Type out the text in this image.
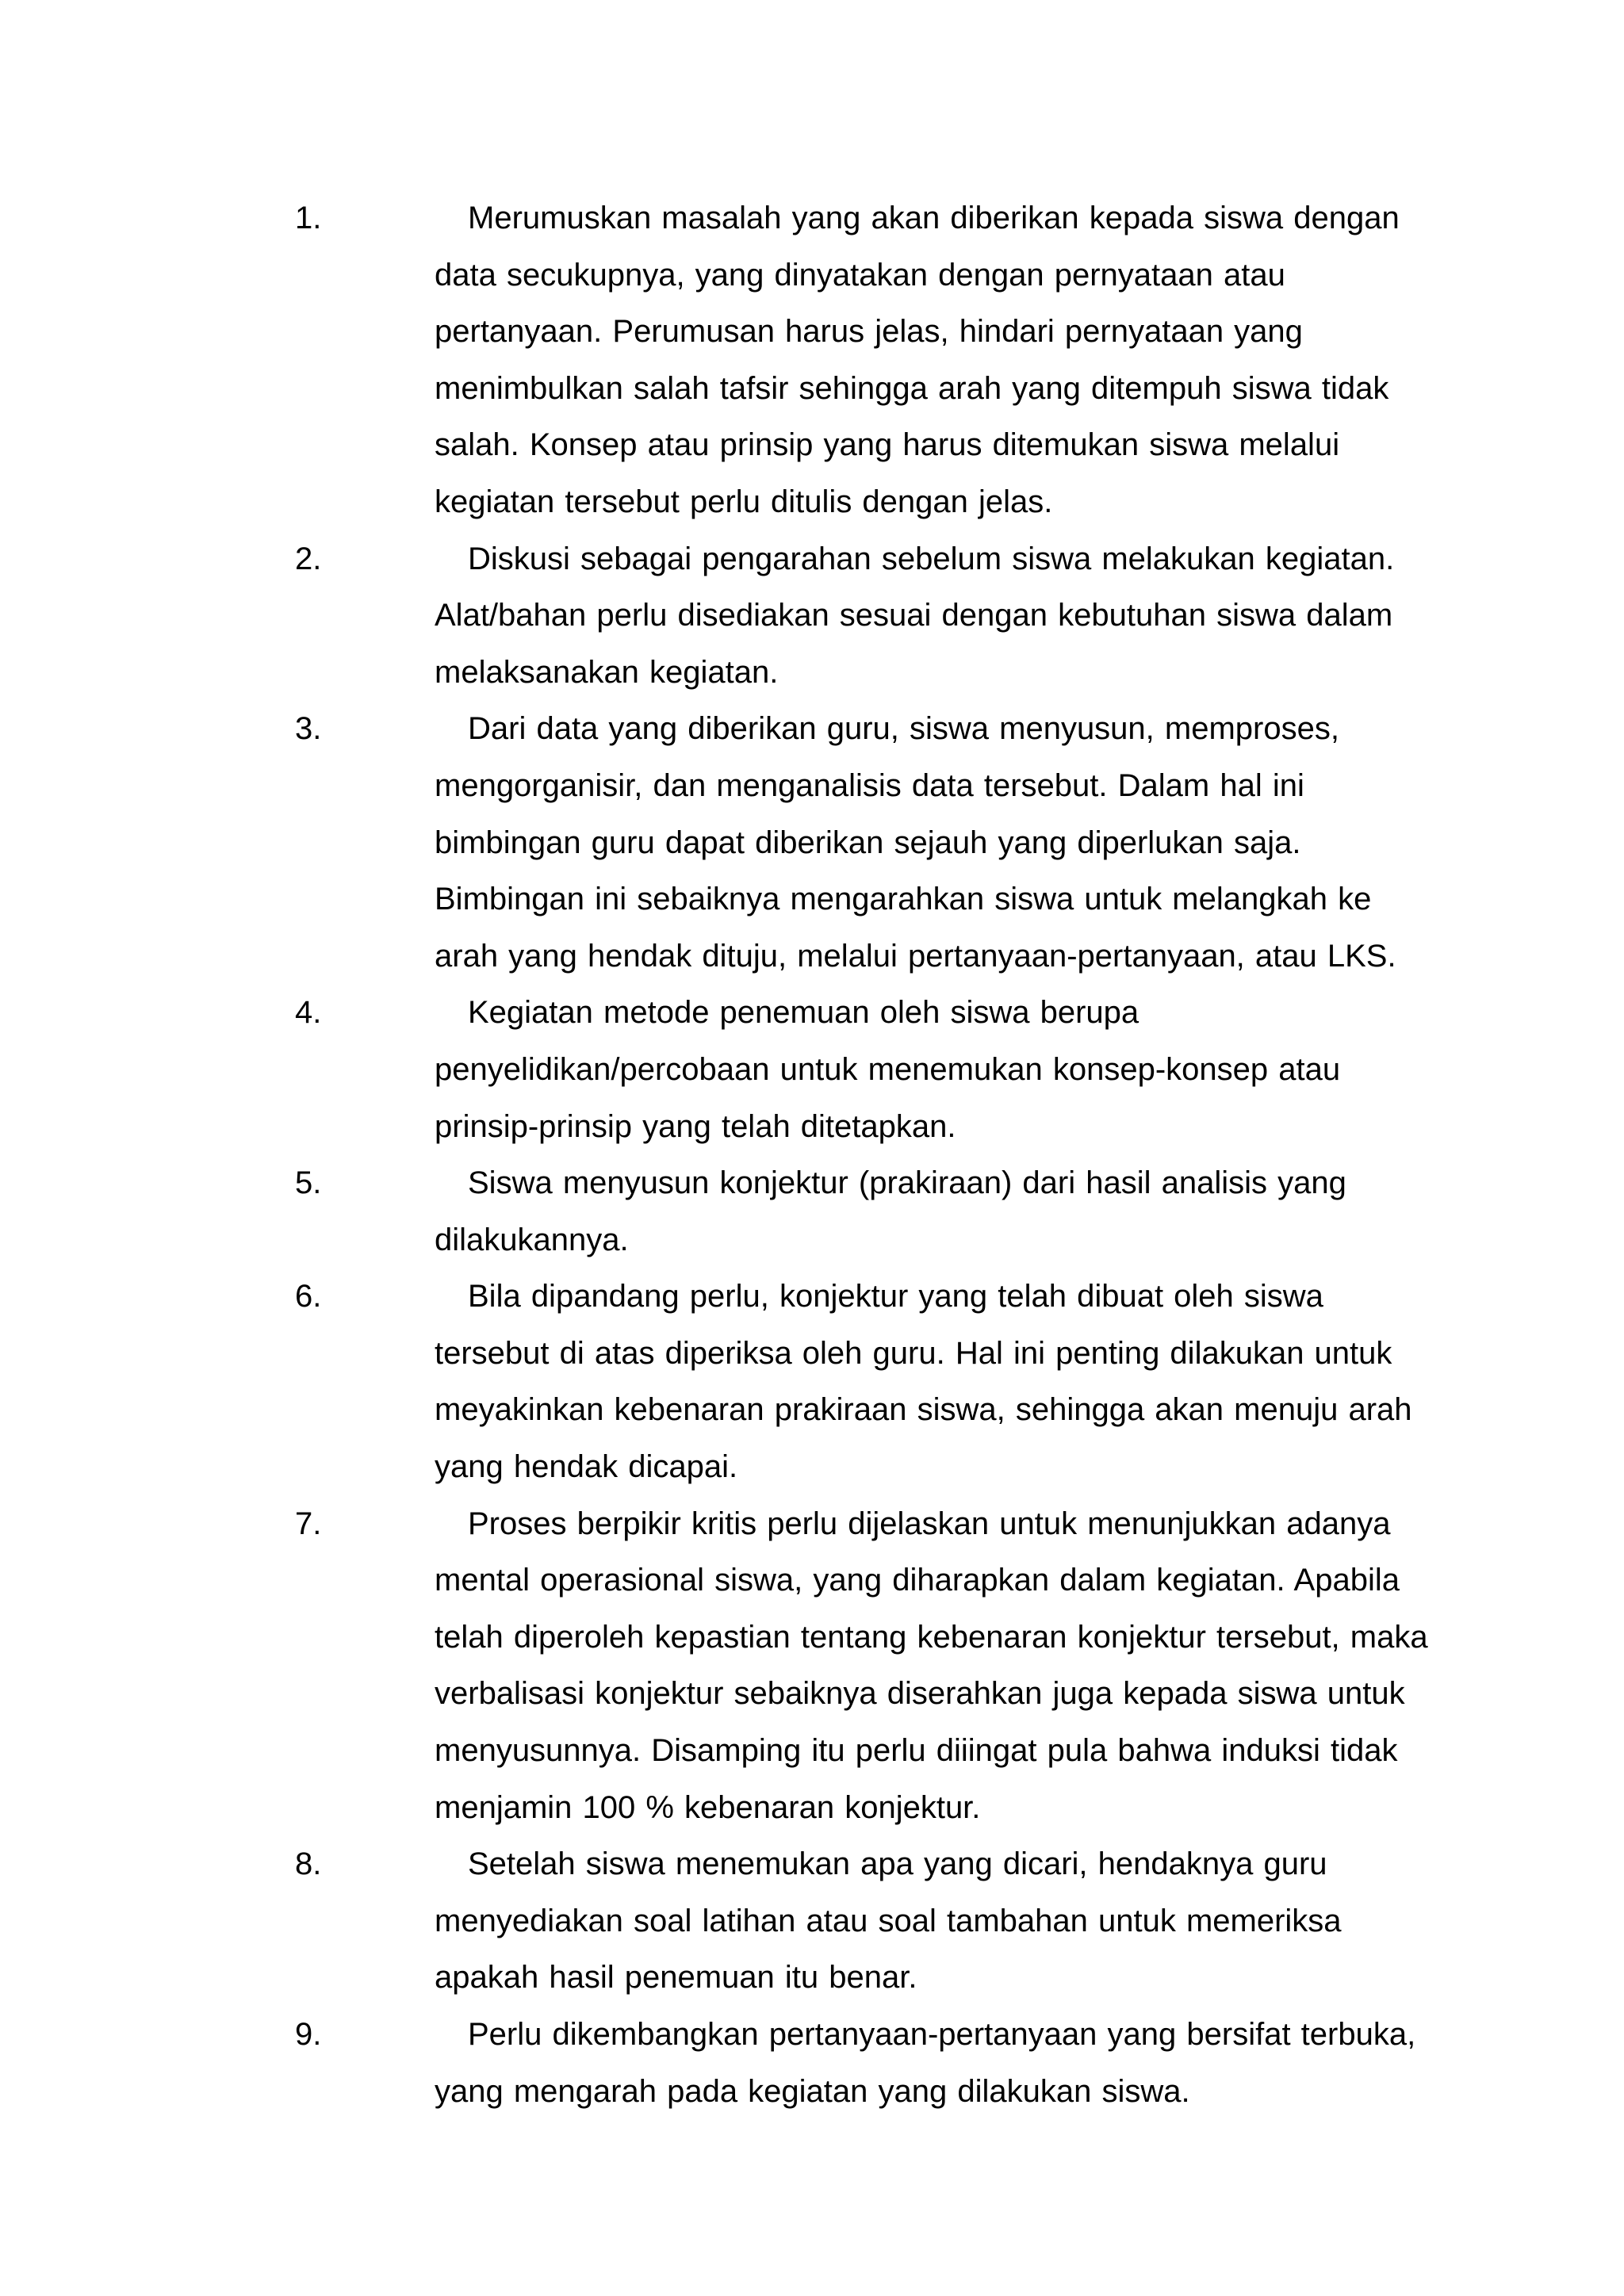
1.	Merumuskan masalah yang akan diberikan kepada siswa dengan data secukupnya, yang dinyatakan dengan pernyataan atau pertanyaan. Perumusan harus jelas, hindari pernyataan yang menimbulkan salah tafsir sehingga arah yang ditempuh siswa tidak salah. Konsep atau prinsip yang harus ditemukan siswa melalui kegiatan tersebut perlu ditulis dengan jelas.
2.	Diskusi sebagai pengarahan sebelum siswa melakukan kegiatan. Alat/bahan perlu disediakan sesuai dengan kebutuhan siswa dalam melaksanakan kegiatan.
3.	Dari data yang diberikan guru, siswa menyusun, memproses, mengorganisir, dan menganalisis data tersebut. Dalam hal ini bimbingan guru dapat diberikan sejauh yang diperlukan saja. Bimbingan ini sebaiknya mengarahkan siswa untuk melangkah ke arah yang hendak dituju, melalui pertanyaan-pertanyaan, atau LKS.
4.	Kegiatan metode penemuan oleh siswa berupa penyelidikan/percobaan untuk menemukan konsep-konsep atau prinsip-prinsip yang telah ditetapkan.
5.	Siswa menyusun konjektur (prakiraan) dari hasil analisis yang dilakukannya.
6.	Bila dipandang perlu, konjektur yang telah dibuat oleh siswa tersebut di atas diperiksa oleh guru. Hal ini penting dilakukan untuk meyakinkan kebenaran prakiraan siswa, sehingga akan menuju arah yang hendak dicapai.
7.	Proses berpikir kritis perlu dijelaskan untuk menunjukkan adanya mental operasional siswa, yang diharapkan dalam kegiatan. Apabila telah diperoleh kepastian tentang kebenaran konjektur tersebut, maka verbalisasi konjektur sebaiknya diserahkan juga kepada siswa untuk menyusunnya. Disamping itu perlu diiingat pula bahwa induksi tidak menjamin 100 % kebenaran konjektur.
8.	Setelah siswa menemukan apa yang dicari, hendaknya guru menyediakan soal latihan atau soal tambahan untuk memeriksa apakah hasil penemuan itu benar.
9.	Perlu dikembangkan pertanyaan-pertanyaan yang bersifat terbuka, yang mengarah pada kegiatan yang dilakukan siswa.
